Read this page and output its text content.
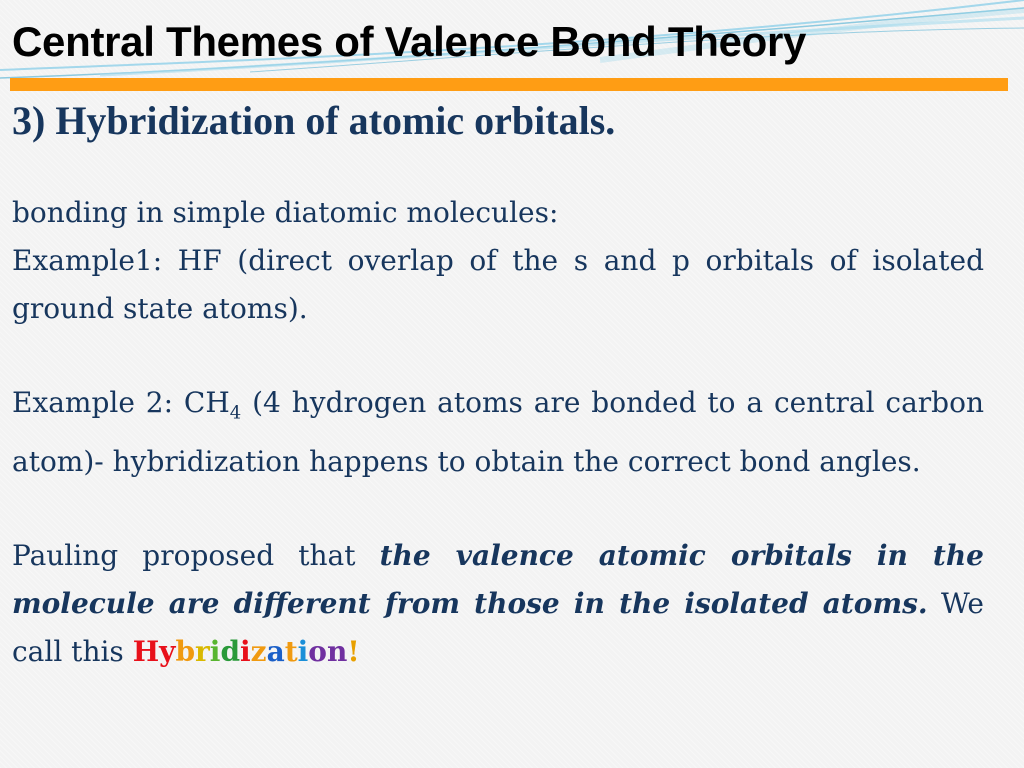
Central Themes of Valence Bond Theory

3) Hybridization of atomic orbitals.

bonding in simple diatomic molecules:
Example1: HF (direct overlap of the s and p orbitals of isolated ground state atoms).

Example 2: $CH_4$ (4 hydrogen atoms are bonded to a central carbon atom)- hybridization happens to obtain the correct bond angles.

Pauling proposed that the valence atomic orbitals in the molecule are different from those in the isolated atoms. We call this Hybridization!
